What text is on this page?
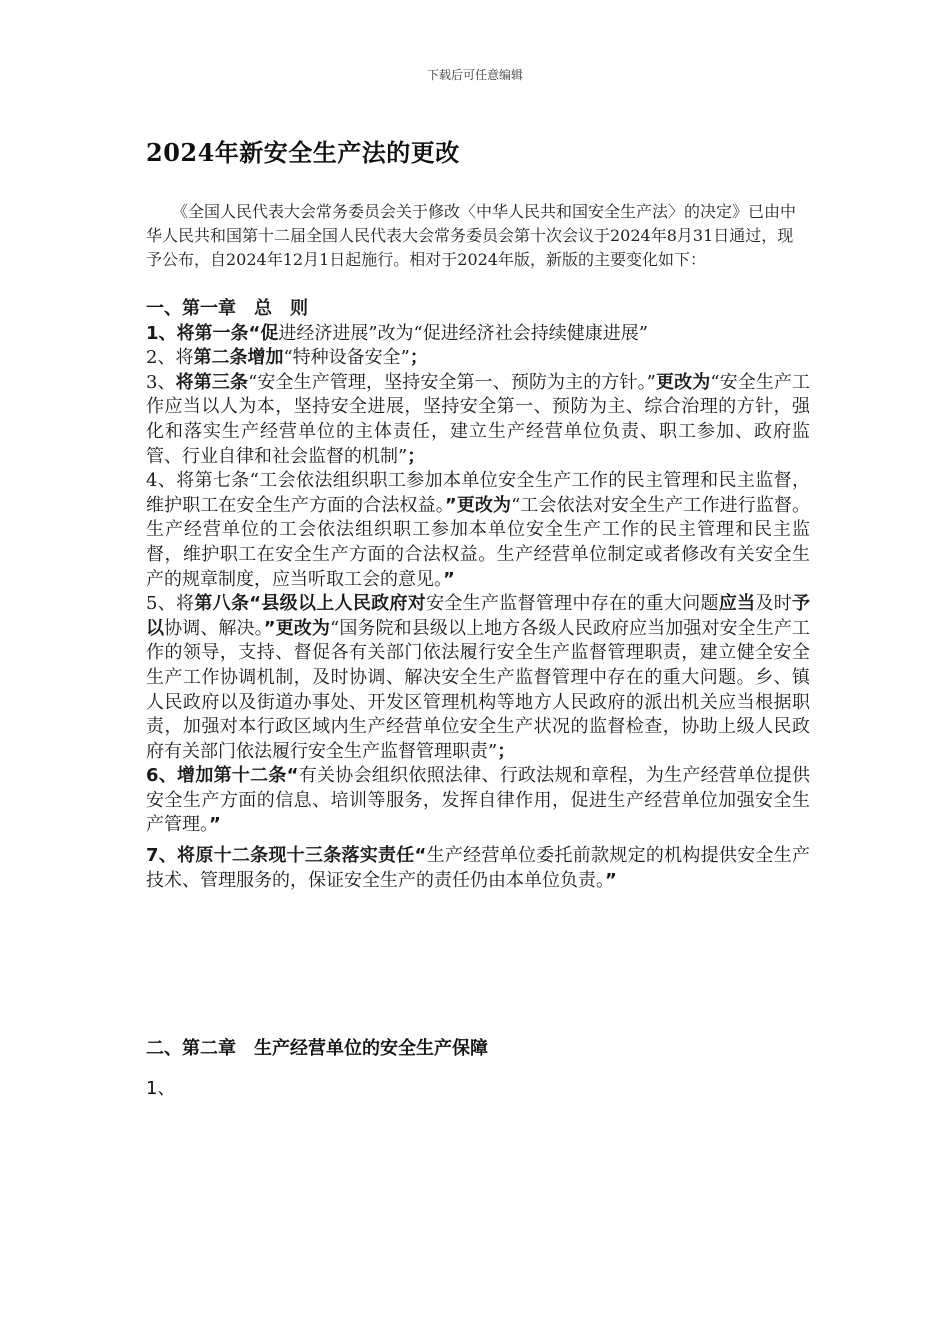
下载后可任意编辑
2024年新安全生产法的更改
《全国人民代表大会常务委员会关于修改〈中华人民共和国安全生产法〉的决定》已由中华人民共和国第十二届全国人民代表大会常务委员会第十次会议于2024年8月31日通过，现予公布，自2024年12月1日起施行。相对于2024年版，新版的主要变化如下：

一、第一章　总　则

1、将第一条“促进经济进展”改为“促进经济社会持续健康进展”

2、将第二条增加“特种设备安全”；

3、将第三条“安全生产管理，坚持安全第一、预防为主的方针。”更改为“安全生产工作应当以人为本，坚持安全进展，坚持安全第一、预防为主、综合治理的方针，强化和落实生产经营单位的主体责任，建立生产经营单位负责、职工参加、政府监管、行业自律和社会监督的机制”；

4、将第七条“工会依法组织职工参加本单位安全生产工作的民主管理和民主监督，维护职工在安全生产方面的合法权益。”更改为“工会依法对安全生产工作进行监督。生产经营单位的工会依法组织职工参加本单位安全生产工作的民主管理和民主监督，维护职工在安全生产方面的合法权益。生产经营单位制定或者修改有关安全生产的规章制度，应当听取工会的意见。”

5、将第八条“县级以上人民政府对安全生产监督管理中存在的重大问题应当及时予以协调、解决。”更改为“国务院和县级以上地方各级人民政府应当加强对安全生产工作的领导，支持、督促各有关部门依法履行安全生产监督管理职责，建立健全安全生产工作协调机制，及时协调、解决安全生产监督管理中存在的重大问题。乡、镇人民政府以及街道办事处、开发区管理机构等地方人民政府的派出机关应当根据职责，加强对本行政区域内生产经营单位安全生产状况的监督检查，协助上级人民政府有关部门依法履行安全生产监督管理职责”；

6、增加第十二条“有关协会组织依照法律、行政法规和章程，为生产经营单位提供安全生产方面的信息、培训等服务，发挥自律作用，促进生产经营单位加强安全生产管理。”

7、将原十二条现十三条落实责任“生产经营单位委托前款规定的机构提供安全生产技术、管理服务的，保证安全生产的责任仍由本单位负责。”

二、第二章　生产经营单位的安全生产保障
1、
